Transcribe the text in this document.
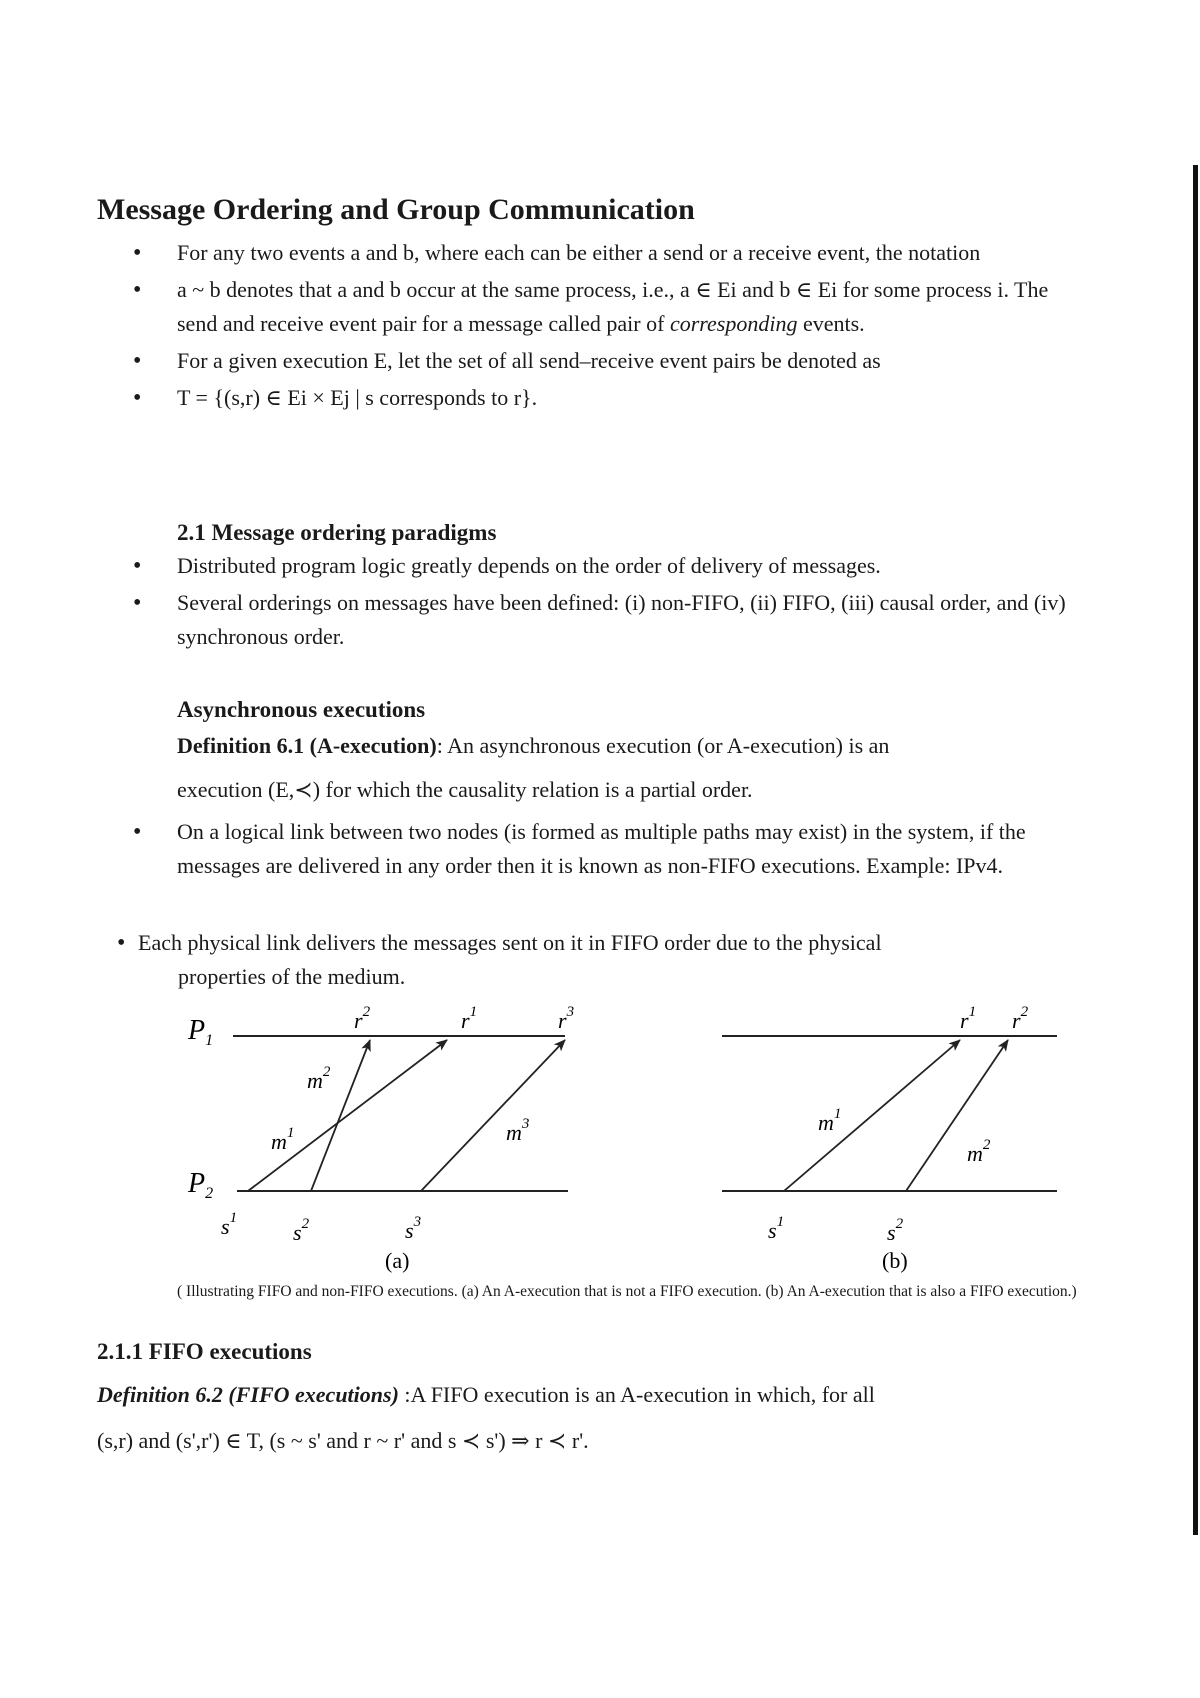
Message Ordering and Group Communication
• For any two events a and b, where each can be either a send or a receive event, the notation
• a ~ b denotes that a and b occur at the same process, i.e., a ∈ Ei and b ∈ Ei for some process i. The send and receive event pair for a message called pair of corresponding events.
• For a given execution E, let the set of all send–receive event pairs be denoted as
• T = {(s,r) ∈ Ei × Ej | s corresponds to r}.
2.1 Message ordering paradigms
• Distributed program logic greatly depends on the order of delivery of messages.
• Several orderings on messages have been defined: (i) non-FIFO, (ii) FIFO, (iii) causal order, and (iv) synchronous order.
Asynchronous executions
Definition 6.1 (A-execution): An asynchronous execution (or A-execution) is an
execution (E,≺) for which the causality relation is a partial order.
• On a logical link between two nodes (is formed as multiple paths may exist) in the system, if the messages are delivered in any order then it is known as non-FIFO executions. Example: IPv4.
• Each physical link delivers the messages sent on it in FIFO order due to the physical
properties of the medium.
$P_1$
$P_2$
$r^2$	$r^1$	$r^3$
$m^2$
$m^1$	$m^3$
$s^1$
$s^2$	$s^3$
(a)
$r^1$ $r^2$
$m^1$
$m^2$
$s^1$	$s^2$
(b)
( Illustrating FIFO and non-FIFO executions. (a) An A-execution that is not a FIFO execution. (b) An A-execution that is also a FIFO execution.)
2.1.1 FIFO executions
Definition 6.2 (FIFO executions) :A FIFO execution is an A-execution in which, for all
(s,r) and (s',r') ∈ T, (s ~ s' and r ~ r' and s ≺ s') ⇒ r ≺ r'.
